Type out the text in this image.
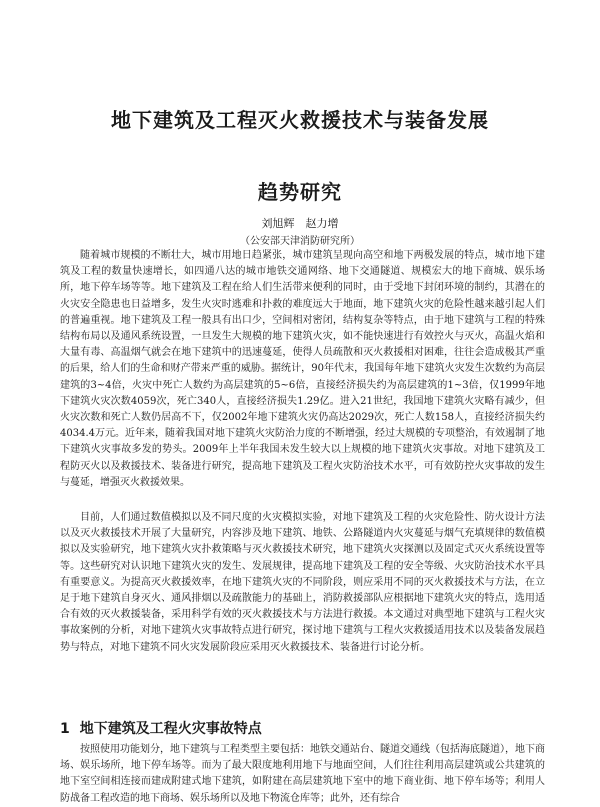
地下建筑及工程灭火救援技术与装备发展
趋势研究
刘旭辉　赵力增
（公安部天津消防研究所）

随着城市规模的不断壮大，城市用地日趋紧张，城市建筑呈现向高空和地下两极发展的特点，城市地下建筑及工程的数量快速增长，如四通八达的城市地铁交通网络、地下交通隧道、规模宏大的地下商城、娱乐场所，地下停车场等等。地下建筑及工程在给人们生活带来便利的同时，由于受地下封闭环境的制约，其潜在的火灾安全隐患也日益增多，发生火灾时逃难和扑救的难度远大于地面，地下建筑火灾的危险性越来越引起人们的普遍重视。地下建筑及工程一般具有出口少，空间相对密闭，结构复杂等特点，由于地下建筑与工程的特殊结构布局以及通风系统设置，一旦发生大规模的地下建筑火灾，如不能快速进行有效控火与灭火，高温火焰和大量有毒、高温烟气就会在地下建筑中的迅速蔓延，使得人员疏散和灭火救援相对困难，往往会造成极其严重的后果，给人们的生命和财产带来严重的威胁。据统计，90年代末，我国每年地下建筑火灾发生次数约为高层建筑的3~4倍，火灾中死亡人数约为高层建筑的5~6倍，直接经济损失约为高层建筑的1~3倍，仅1999年地下建筑火灾次数4059次，死亡340人，直接经济损失1.29亿。进入21世纪，我国地下建筑火灾略有减少，但火灾次数和死亡人数仍居高不下，仅2002年地下建筑火灾仍高达2029次，死亡人数158人，直接经济损失约4034.4万元。近年来，随着我国对地下建筑火灾防治力度的不断增强，经过大规模的专项整治，有效遏制了地下建筑火灾事故多发的势头。2009年上半年我国未发生较大以上规模的地下建筑火灾事故。对地下建筑及工程防灭火以及救援技术、装备进行研究，提高地下建筑及工程火灾防治技术水平，可有效防控火灾事故的发生与蔓延，增强灭火救援效果。

目前，人们通过数值模拟以及不同尺度的火灾模拟实验，对地下建筑及工程的火灾危险性、防火设计方法以及灭火救援技术开展了大量研究，内容涉及地下建筑、地铁、公路隧道内火灾蔓延与烟气充填规律的数值模拟以及实验研究，地下建筑火灾扑救策略与灭火救援技术研究，地下建筑火灾探测以及固定式灭火系统设置等等。这些研究对认识地下建筑火灾的发生、发展规律，提高地下建筑及工程的安全等级、火灾防治技术水平具有重要意义。为提高灭火救援效率，在地下建筑火灾的不同阶段，则应采用不同的灭火救援技术与方法，在立足于地下建筑自身灭火、通风排烟以及疏散能力的基础上，消防救援部队应根据地下建筑火灾的特点，选用适合有效的灭火救援装备，采用科学有效的灭火救援技术与方法进行救援。本文通过对典型地下建筑与工程火灾事故案例的分析，对地下建筑火灾事故特点进行研究，探讨地下建筑与工程火灾救援适用技术以及装备发展趋势与特点，对地下建筑不同火灾发展阶段应采用灭火救援技术、装备进行讨论分析。

1 地下建筑及工程火灾事故特点

按照使用功能划分，地下建筑与工程类型主要包括：地铁交通站台、隧道交通线（包括海底隧道），地下商场、娱乐场所，地下停车场等。而为了最大限度地利用地下与地面空间，人们往往利用高层建筑或公共建筑的地下室空间相连接而建成附建式地下建筑，如附建在高层建筑地下室中的地下商业街、地下停车场等；利用人防战备工程改造的地下商场、娱乐场所以及地下物流仓库等；此外，还有综合
